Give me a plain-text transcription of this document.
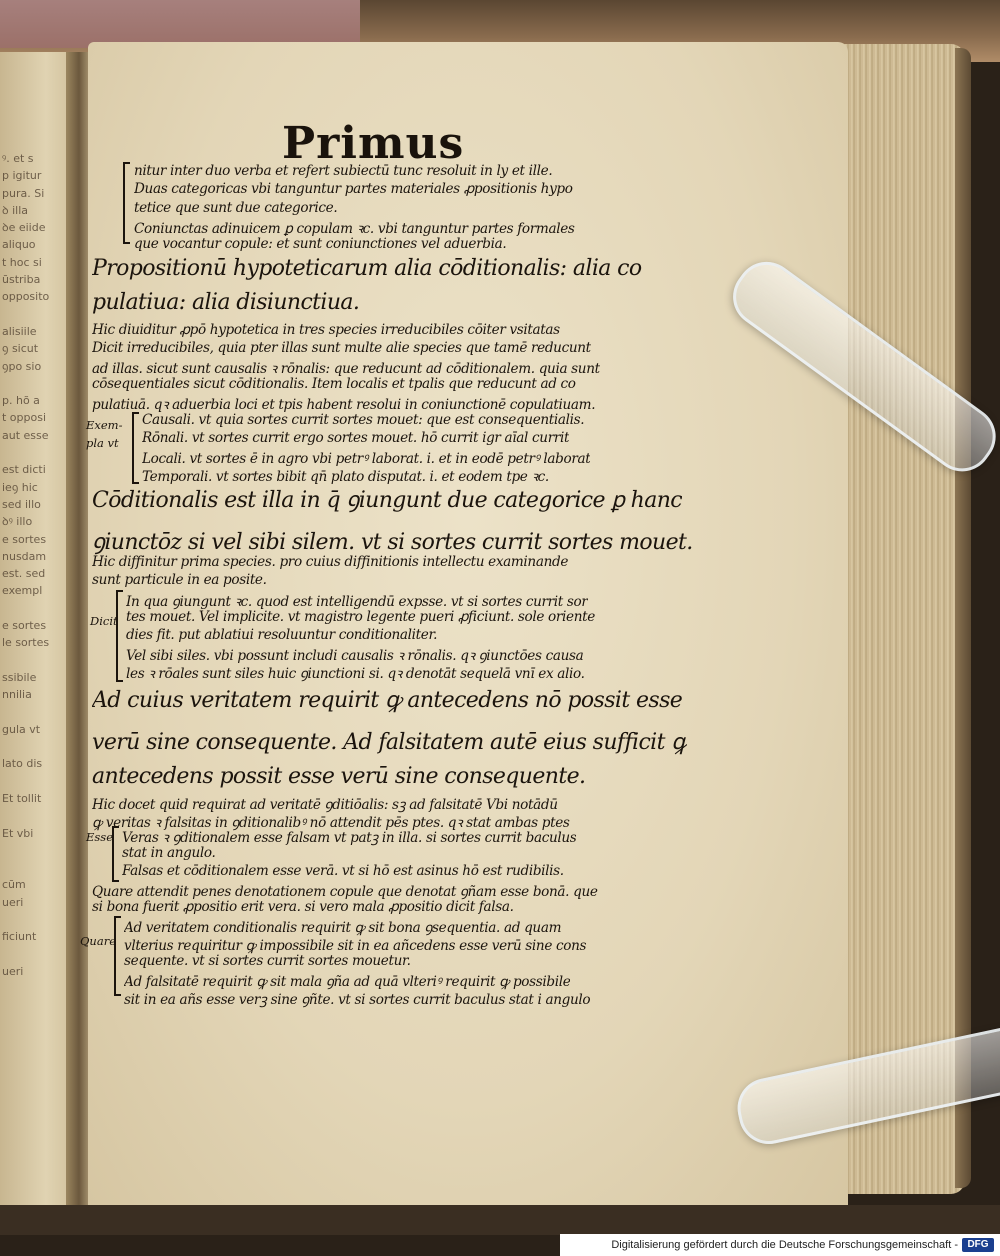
ꝰ. et s
p igitur
pura. Si
ꝺ illa
ꝺe eiide
aliquo
t hoc si
ūstriba
opposito

alisiile
ꝯ sicut
ꝯpo sio

p. hõ a
t opposi
aut esse

est dicti
ieꝯ hic
sed illo
ꝺꝰ illo
e sortes
nusdam
est. sed
exempl

e sortes
le sortes

ssibile
nnilia

gula vt

lato dis

Et tollit

Et vbi

cūm
ueri

ficiunt

ueri
Primus
nitur inter duo verba et refert subiectū tunc resoluit in ly et ille.
Duas categoricas vbi tanguntur partes materiales ꝓpositionis hypo
tetice que sunt due categorice.
Coniunctas adinuicem ꝑ copulam ꝛc. vbi tanguntur partes formales
que vocantur copule: et sunt coniunctiones vel aduerbia.
Propositionū hypoteticarum alia cōditionalis: alia co
pulatiua: alia disiunctiua.
Hic diuiditur ꝓpō hypotetica in tres species irreducibiles cōiter vsitatas
Dicit irreducibiles, quia pter illas sunt multe alie species que tamē reducunt
ad illas. sicut sunt causalis ꝛ rōnalis: que reducunt ad cōditionalem. quia sunt
cōsequentiales sicut cōditionalis. Item localis et tpalis que reducunt ad co
pulatiuā. qꝛ aduerbia loci et tpis habent resolui in coniunctionē copulatiuam.
Exem-
pla vt
Causali. vt quia sortes currit sortes mouet: que est consequentialis.
Rōnali. vt sortes currit ergo sortes mouet. hō currit igr aīal currit
Locali. vt sortes ē in agro vbi petrꝰ laborat. i. et in eodē petrꝰ laborat
Temporali. vt sortes bibit qn̄ plato disputat. i. et eodem tpe ꝛc.
Cōditionalis est illa in q̄ ꝯiungunt due categorice ꝑ hanc
ꝯiunctōz si vel sibi silem. vt si sortes currit sortes mouet.
Hic diffinitur prima species. pro cuius diffinitionis intellectu examinande
sunt particule in ea posite.
Dicit
In qua ꝯiungunt ꝛc. quod est intelligendū expsse. vt si sortes currit sor
tes mouet. Vel implicite. vt magistro legente pueri ꝓficiunt. sole oriente
dies fit. put ablatiui resoluuntur conditionaliter.
Vel sibi siles. vbi possunt includi causalis ꝛ rōnalis. qꝛ ꝯiunctōes causa
les ꝛ rōales sunt siles huic ꝯiunctioni si. qꝛ denotāt sequelā vnī ex alio.
Ad cuius veritatem requirit ꝙ antecedens nō possit esse
verū sine consequente. Ad falsitatem autē eius sufficit ꝙ
antecedens possit esse verū sine consequente.
Hic docet quid requirat ad veritatē ꝯditiōalis: sꝫ ad falsitatē Vbi notādū
ꝙ veritas ꝛ falsitas in ꝯditionalibꝰ nō attendit pēs ptes. qꝛ stat ambas ptes
Esse Veras ꝛ ꝯditionalem esse falsam vt patꝫ in illa. si sortes currit baculus
stat in angulo.
Falsas et cōditionalem esse verā. vt si hō est asinus hō est rudibilis.
Quare attendit penes denotationem copule que denotat ꝯñam esse bonā. que
si bona fuerit ꝓpositio erit vera. si vero mala ꝓpositio dicit falsa.
Quare
Ad veritatem conditionalis requirit ꝙ sit bona ꝯsequentia. ad quam
vlterius requiritur ꝙ impossibile sit in ea añcedens esse verū sine cons
sequente. vt si sortes currit sortes mouetur.
Ad falsitatē requirit ꝙ sit mala ꝯña ad quā vlteriꝰ requirit ꝙ possibile
sit in ea añs esse verꝫ sine ꝯñte. vt si sortes currit baculus stat i angulo
Digitalisierung gefördert durch die Deutsche Forschungsgemeinschaft - DFG
